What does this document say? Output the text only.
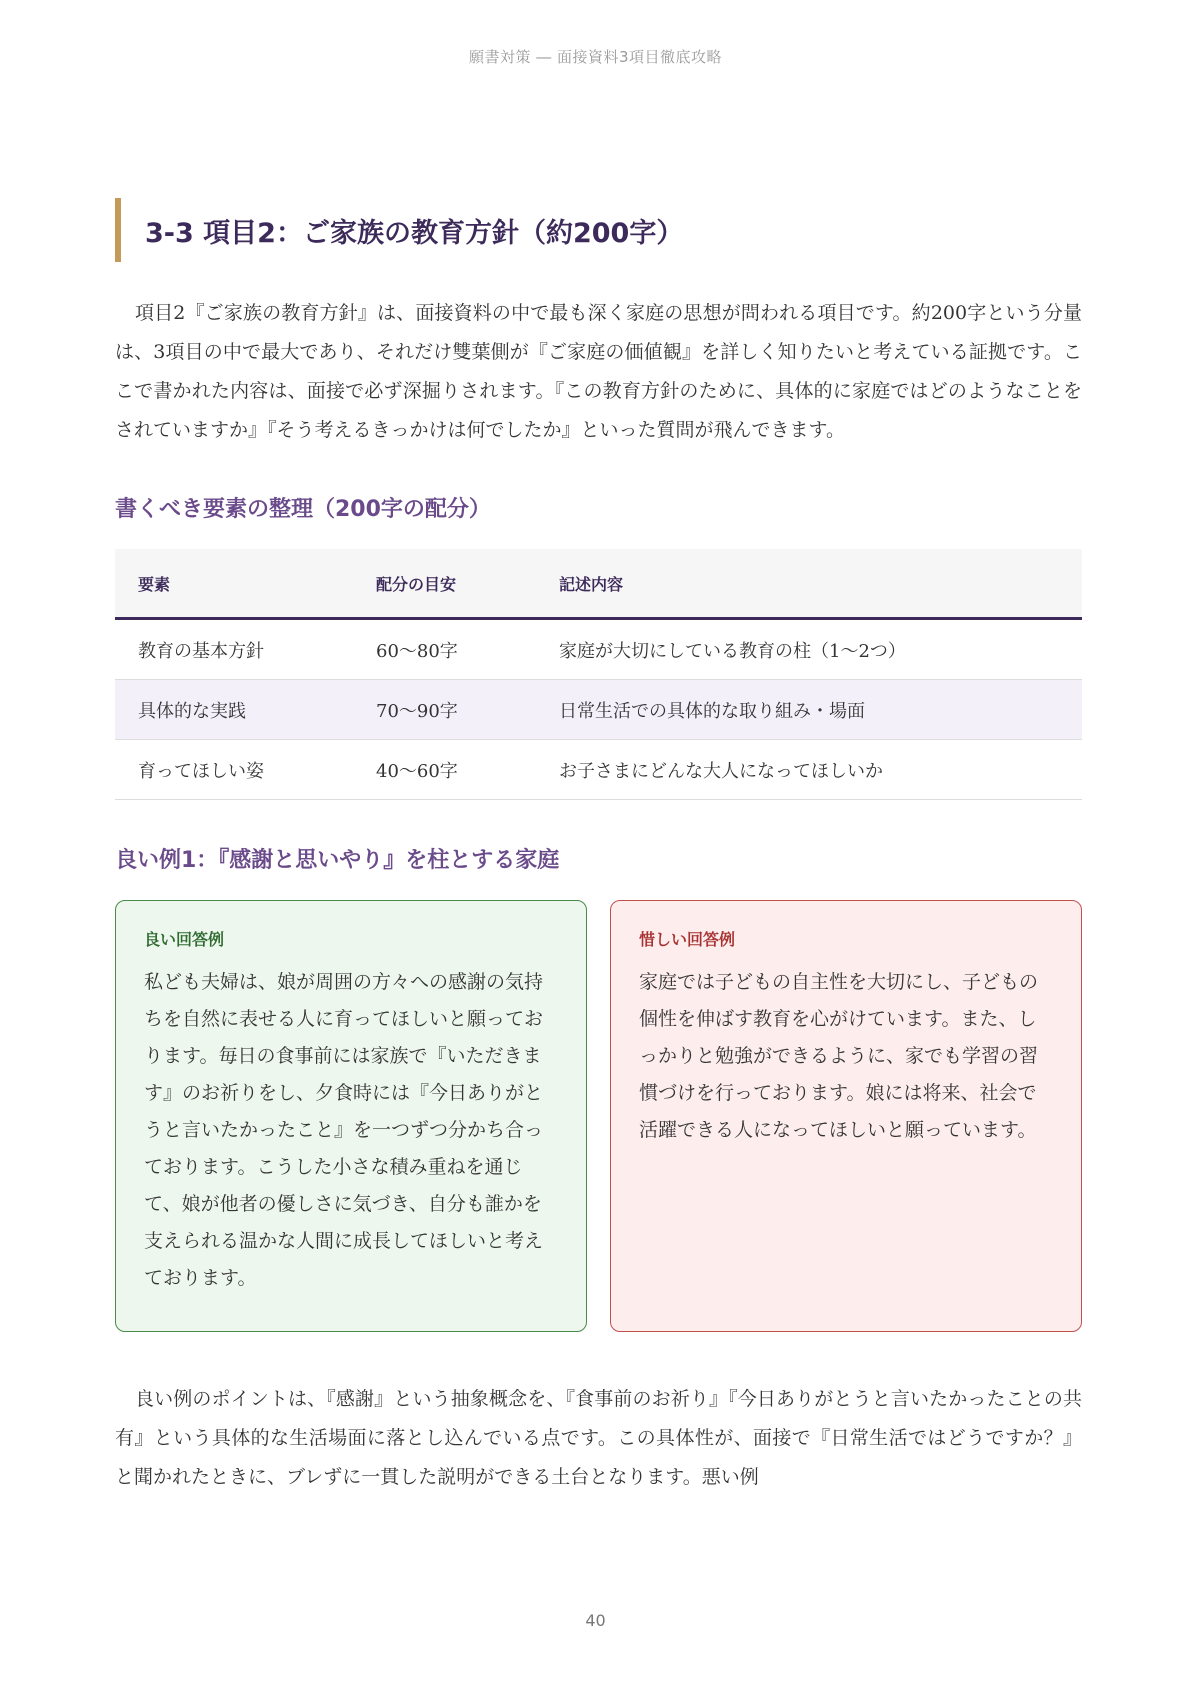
願書対策 ― 面接資料3項目徹底攻略
3-3 項目2：ご家族の教育方針（約200字）

項目2『ご家族の教育方針』は、面接資料の中で最も深く家庭の思想が問われる項目です。約200字という分量は、3項目の中で最大であり、それだけ雙葉側が『ご家庭の価値観』を詳しく知りたいと考えている証拠です。ここで書かれた内容は、面接で必ず深掘りされます。『この教育方針のために、具体的に家庭ではどのようなことをされていますか』『そう考えるきっかけは何でしたか』といった質問が飛んできます。

書くべき要素の整理（200字の配分）
要素	配分の目安	記述内容
教育の基本方針	60〜80字	家庭が大切にしている教育の柱（1〜2つ）
具体的な実践	70〜90字	日常生活での具体的な取り組み・場面
育ってほしい姿	40〜60字	お子さまにどんな大人になってほしいか
良い例1：『感謝と思いやり』を柱とする家庭
良い回答例

私ども夫婦は、娘が周囲の方々への感謝の気持ちを自然に表せる人に育ってほしいと願っております。毎日の食事前には家族で『いただきます』のお祈りをし、夕食時には『今日ありがとうと言いたかったこと』を一つずつ分かち合っております。こうした小さな積み重ねを通じて、娘が他者の優しさに気づき、自分も誰かを支えられる温かな人間に成長してほしいと考えております。

惜しい回答例

家庭では子どもの自主性を大切にし、子どもの個性を伸ばす教育を心がけています。また、しっかりと勉強ができるように、家でも学習の習慣づけを行っております。娘には将来、社会で活躍できる人になってほしいと願っています。

良い例のポイントは、『感謝』という抽象概念を、『食事前のお祈り』『今日ありがとうと言いたかったことの共有』という具体的な生活場面に落とし込んでいる点です。この具体性が、面接で『日常生活ではどうですか？』と聞かれたときに、ブレずに一貫した説明ができる土台となります。悪い例

40
